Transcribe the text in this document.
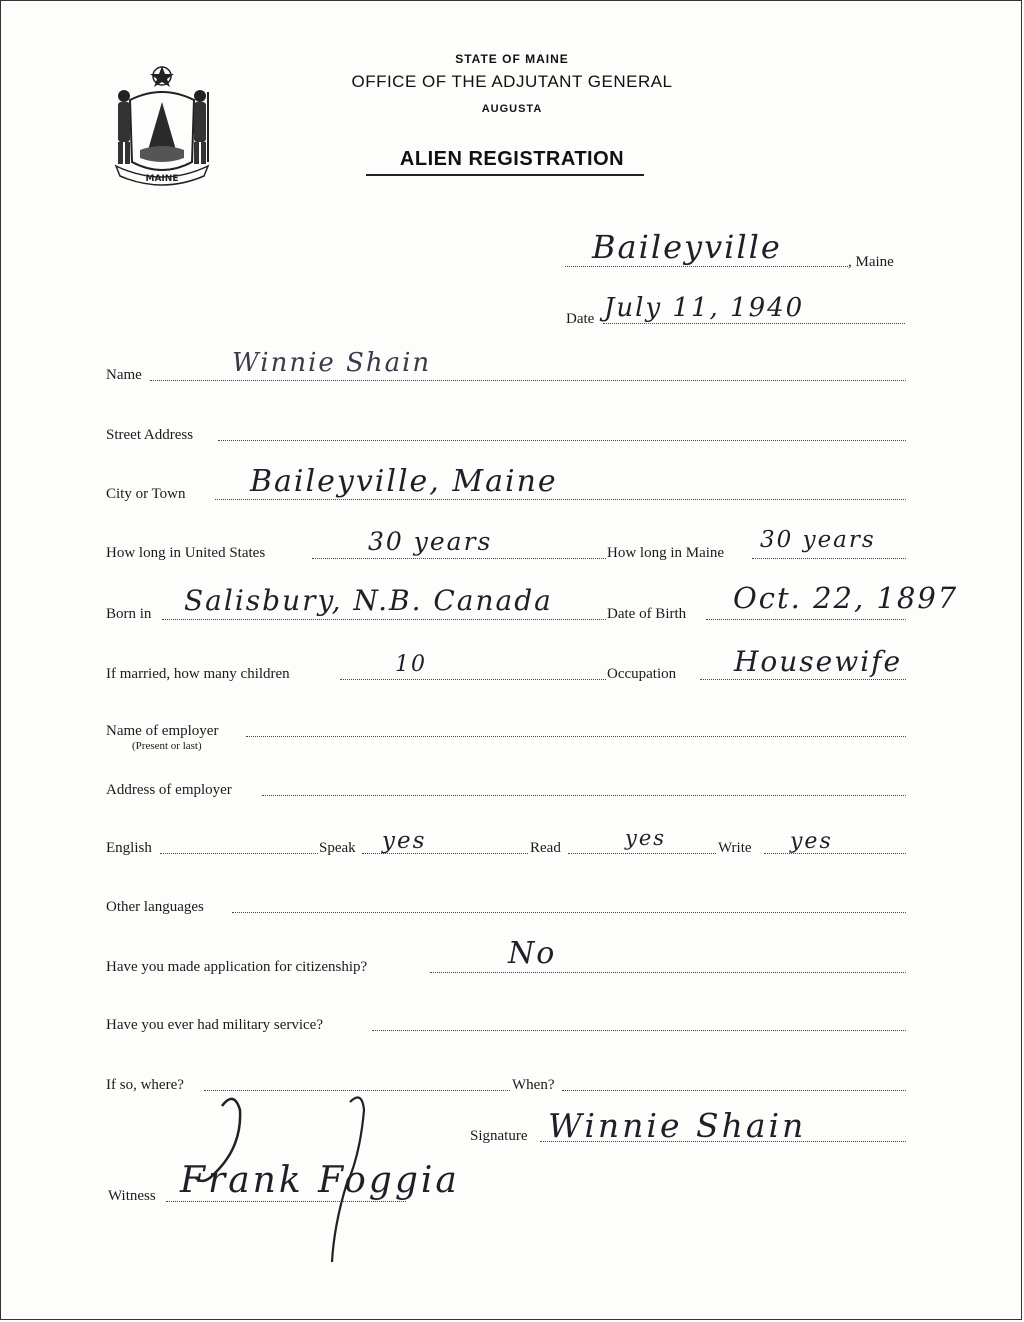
MAINE
STATE OF MAINE
OFFICE OF THE ADJUTANT GENERAL
AUGUSTA
ALIEN REGISTRATION
Baileyville	, Maine
Date July 11, 1940
Name	Winnie Shain
Street Address
City or Town Baileyville, Maine
How long in United States	30 years	How long in Maine 30 years
Born in Salisbury, N.B. Canada	Date of Birth Oct. 22, 1897
If married, how many children	10	Occupation Housewife
Name of employer
(Present or last)
Address of employer
English	Speak yes	Read	yes	Write yes
Other languages
Have you made application for citizenship?	No
Have you ever had military service?
If so, where?	When?
Signature Winnie Shain
Witness Frank Foggia
